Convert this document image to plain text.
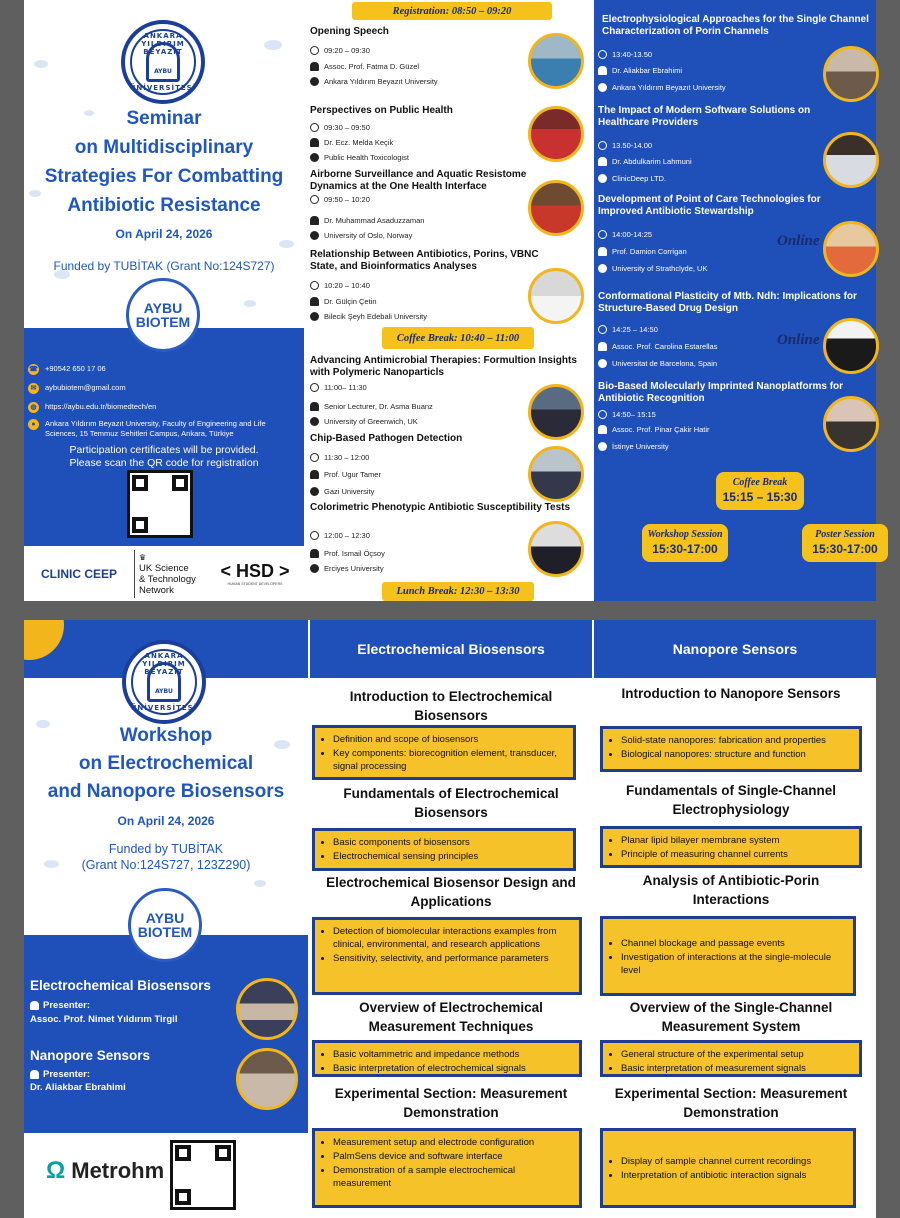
ANKARA YILDIRIM BEYAZIT
AYBU
ÜNİVERSİTESİ
Seminar
on Multidisciplinary
Strategies For Combatting
Antibiotic Resistance
On April 24, 2026
Funded by TUBİTAK (Grant No:124S727)
AYBU
BIOTEM
☎ +90542 650 17 06
✉	aybubiotem@gmail.com
◍	https://aybu.edu.tr/biomedtech/en
●	Ankara Yıldırım Beyazıt University, Faculty of Engineering and Life Sciences, 15 Temmuz Sehitleri Campus, Ankara, Türkiye
Participation certificates will be provided.
Please scan the QR code for registration
CLINIC CEEP
♛
UK Science
& Technology
Network
< HSD >
HUMAN STUDENT DEVELOPERS
Registration: 08:50 – 09:20
Opening Speech
09:20 – 09:30
Assoc. Prof. Fatma D. Güzel
Ankara Yıldırım Beyazıt University
Perspectives on Public Health
09:30 – 09:50
Dr. Ecz. Melda Keçik
Public Health Toxicologist
Airborne Surveillance and Aquatic Resistome Dynamics at the One Health Interface
09:50 – 10:20
Dr. Muhammad Asaduzzaman
University of Oslo, Norway
Relationship Between Antibiotics, Porins, VBNC State, and Bioinformatics Analyses
10:20 – 10:40
Dr. Gülçin Çetin
Bilecik Şeyh Edebali University
Coffee Break: 10:40 – 11:00
Advancing Antimicrobial Therapies: Formultion Insights with Polymeric Nanoparticls
11:00– 11:30
Senior Lecturer, Dr. Asma Buanz
University of Greenwich, UK
Chip-Based Pathogen Detection
11:30 – 12:00
Prof. Ugur Tamer
Gazi University
Colorimetric Phenotypic Antibiotic Susceptibility Tests
12:00 – 12:30
Prof. Ismail Öçsoy
Erciyes University
Lunch Break: 12:30 – 13:30
Electrophysiological Approaches for the Single Channel Characterization of Porin Channels
13:40-13.50
Dr. Aliakbar Ebrahimi
Ankara Yıldırım Beyazıt University
The Impact of Modern Software Solutions on Healthcare Providers
13.50-14.00
Dr. Abdulkarim Lahmuni
ClinicDeep LTD.
Development of Point of Care Technologies for Improved Antibiotic Stewardship
14:00-14:25
Prof. Damion Corrigan
University of Strathclyde, UK
Online
Conformational Plasticity of Mtb. Ndh: Implications for Structure-Based Drug Design
14:25 – 14:50
Assoc. Prof. Carolina Estarellas
Universitat de Barcelona, Spain
Online
Bio-Based Molecularly Imprinted Nanoplatforms for Antibiotic Recognition
14:50– 15:15
Assoc. Prof. Pinar Çakir Hatir
İstinye University
Coffee Break
15:15 – 15:30
Workshop Session
15:30-17:00
Poster Session
15:30-17:00
ANKARA YILDIRIM BEYAZIT
AYBU
ÜNİVERSİTESİ
Workshop
on Electrochemical
and Nanopore Biosensors
On April 24, 2026
Funded by TUBİTAK
(Grant No:124S727, 123Z290)
AYBU
BIOTEM
Electrochemical Biosensors
Presenter:
Assoc. Prof. Nimet Yıldırım Tirgil
Nanopore Sensors
Presenter:
Dr. Aliakbar Ebrahimi
Ω Metrohm
Electrochemical Biosensors	Nanopore Sensors
Introduction to Electrochemical Biosensors
• Definition and scope of biosensors
• Key components: biorecognition element, transducer, signal processing
Fundamentals of Electrochemical Biosensors
• Basic components of biosensors
• Electrochemical sensing principles
Electrochemical Biosensor Design and Applications
• Detection of biomolecular interactions examples from clinical, environmental, and research applications
• Sensitivity, selectivity, and performance parameters
Overview of Electrochemical Measurement Techniques
• Basic voltammetric and impedance methods
• Basic interpretation of electrochemical signals
Experimental Section: Measurement Demonstration
• Measurement setup and electrode configuration
• PalmSens device and software interface
• Demonstration of a sample electrochemical measurement
Introduction to Nanopore Sensors
• Solid-state nanopores: fabrication and properties
• Biological nanopores: structure and function
Fundamentals of Single-Channel Electrophysiology
• Planar lipid bilayer membrane system
• Principle of measuring channel currents
Analysis of Antibiotic-Porin Interactions
• Channel blockage and passage events
• Investigation of interactions at the single-molecule level
Overview of the Single-Channel Measurement System
• General structure of the experimental setup
• Basic interpretation of measurement signals
Experimental Section: Measurement Demonstration
• Display of sample channel current recordings
• Interpretation of antibiotic interaction signals
